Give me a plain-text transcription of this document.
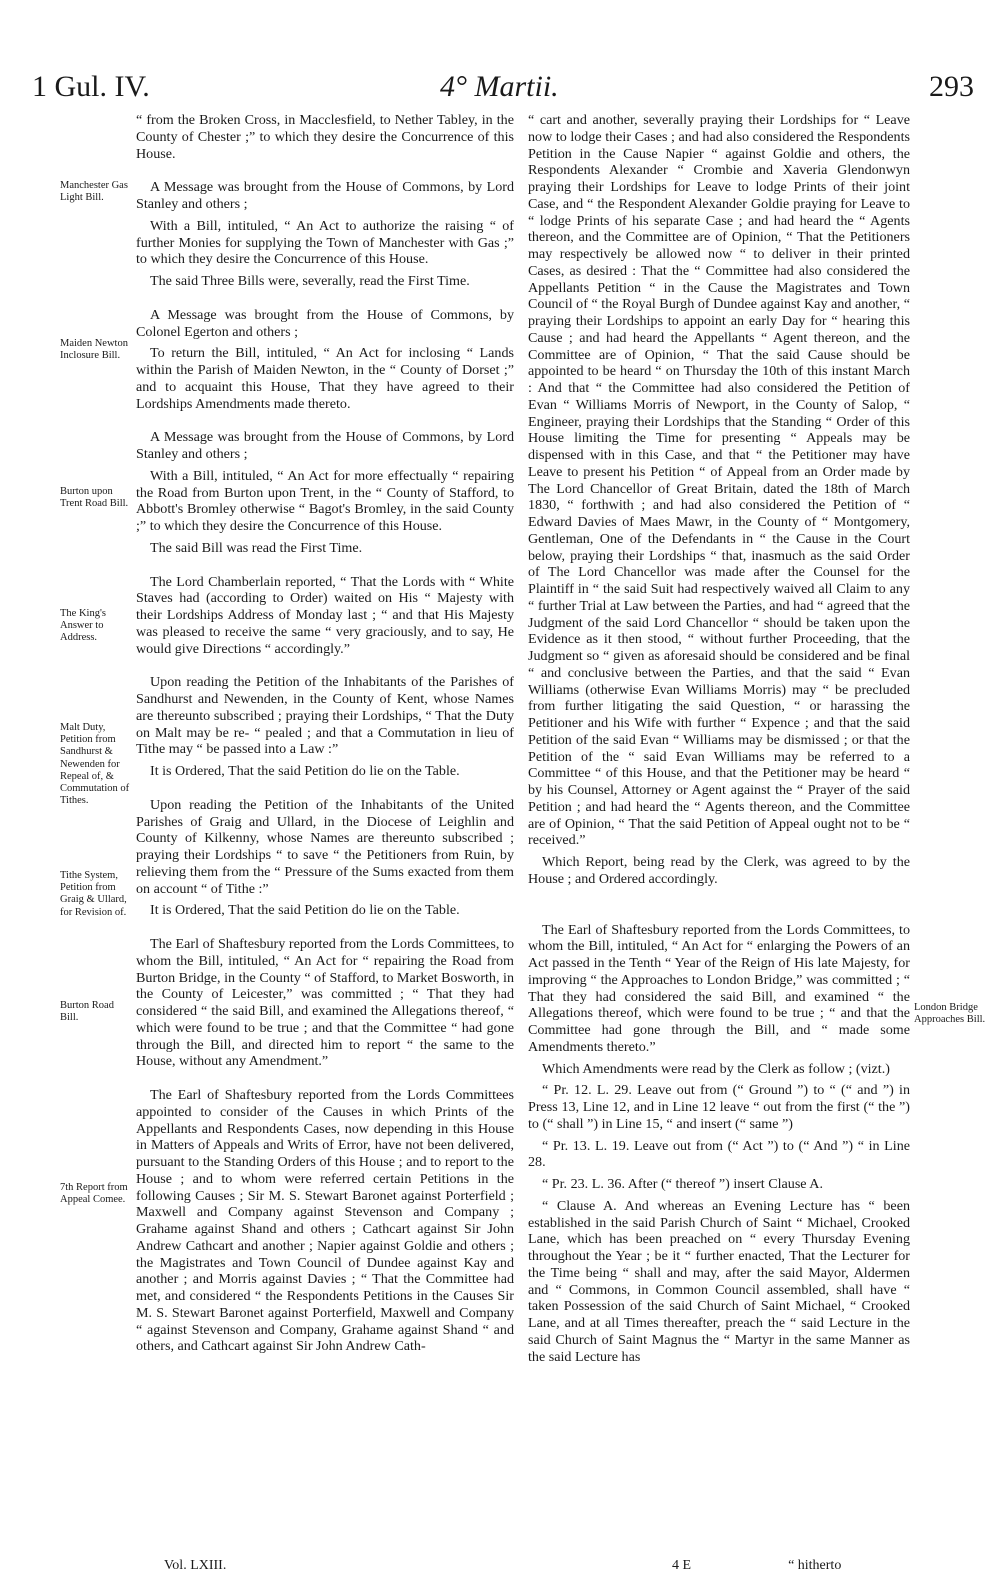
1 Gul. IV.	4° Martii.	293

“ from the Broken Cross, in Macclesfield, to Nether Tabley, in the County of Chester ;” to which they desire the Concurrence of this House.

A Message was brought from the House of Commons, by Lord Stanley and others ;

With a Bill, intituled, “ An Act to authorize the raising “ of further Monies for supplying the Town of Manchester with Gas ;” to which they desire the Concurrence of this House.

The said Three Bills were, severally, read the First Time.

A Message was brought from the House of Commons, by Colonel Egerton and others ;

To return the Bill, intituled, “ An Act for inclosing “ Lands within the Parish of Maiden Newton, in the “ County of Dorset ;” and to acquaint this House, That they have agreed to their Lordships Amendments made thereto.

A Message was brought from the House of Commons, by Lord Stanley and others ;

With a Bill, intituled, “ An Act for more effectually “ repairing the Road from Burton upon Trent, in the “ County of Stafford, to Abbott's Bromley otherwise “ Bagot's Bromley, in the said County ;” to which they desire the Concurrence of this House.

The said Bill was read the First Time.

The Lord Chamberlain reported, “ That the Lords with “ White Staves had (according to Order) waited on His “ Majesty with their Lordships Address of Monday last ; “ and that His Majesty was pleased to receive the same “ very graciously, and to say, He would give Directions “ accordingly.”

Upon reading the Petition of the Inhabitants of the Parishes of Sandhurst and Newenden, in the County of Kent, whose Names are thereunto subscribed ; praying their Lordships, “ That the Duty on Malt may be re- “ pealed ; and that a Commutation in lieu of Tithe may “ be passed into a Law :”

It is Ordered, That the said Petition do lie on the Table.

Upon reading the Petition of the Inhabitants of the United Parishes of Graig and Ullard, in the Diocese of Leighlin and County of Kilkenny, whose Names are thereunto subscribed ; praying their Lordships “ to save “ the Petitioners from Ruin, by relieving them from the “ Pressure of the Sums exacted from them on account “ of Tithe :”

It is Ordered, That the said Petition do lie on the Table.

The Earl of Shaftesbury reported from the Lords Committees, to whom the Bill, intituled, “ An Act for “ repairing the Road from Burton Bridge, in the County “ of Stafford, to Market Bosworth, in the County of Leicester,” was committed ; “ That they had considered “ the said Bill, and examined the Allegations thereof, “ which were found to be true ; and that the Committee “ had gone through the Bill, and directed him to report “ the same to the House, without any Amendment.”

The Earl of Shaftesbury reported from the Lords Committees appointed to consider of the Causes in which Prints of the Appellants and Respondents Cases, now depending in this House in Matters of Appeals and Writs of Error, have not been delivered, pursuant to the Standing Orders of this House ; and to report to the House ; and to whom were referred certain Petitions in the following Causes ; Sir M. S. Stewart Baronet against Porterfield ; Maxwell and Company against Stevenson and Company ; Grahame against Shand and others ; Cathcart against Sir John Andrew Cathcart and another ; Napier against Goldie and others ; the Magistrates and Town Council of Dundee against Kay and another ; and Morris against Davies ; “ That the Committee had met, and considered “ the Respondents Petitions in the Causes Sir M. S. Stewart Baronet against Porterfield, Maxwell and Company “ against Stevenson and Company, Grahame against Shand “ and others, and Cathcart against Sir John Andrew Cath-

Manchester Gas Light Bill.
Maiden Newton Inclosure Bill.
Burton upon Trent Road Bill.
The King's Answer to Address.
Malt Duty, Petition from Sandhurst & Newenden for Repeal of, & Commutation of Tithes.
Tithe System, Petition from Graig & Ullard, for Revision of.
Burton Road Bill.
7th Report from Appeal Comee.

“ cart and another, severally praying their Lordships for “ Leave now to lodge their Cases ; and had also considered the Respondents Petition in the Cause Napier “ against Goldie and others, the Respondents Alexander “ Crombie and Xaveria Glendonwyn praying their Lordships for Leave to lodge Prints of their joint Case, and “ the Respondent Alexander Goldie praying for Leave to “ lodge Prints of his separate Case ; and had heard the “ Agents thereon, and the Committee are of Opinion, “ That the Petitioners may respectively be allowed now “ to deliver in their printed Cases, as desired : That the “ Committee had also considered the Appellants Petition “ in the Cause the Magistrates and Town Council of “ the Royal Burgh of Dundee against Kay and another, “ praying their Lordships to appoint an early Day for “ hearing this Cause ; and had heard the Appellants “ Agent thereon, and the Committee are of Opinion, “ That the said Cause should be appointed to be heard “ on Thursday the 10th of this instant March : And that “ the Committee had also considered the Petition of Evan “ Williams Morris of Newport, in the County of Salop, “ Engineer, praying their Lordships that the Standing “ Order of this House limiting the Time for presenting “ Appeals may be dispensed with in this Case, and that “ the Petitioner may have Leave to present his Petition “ of Appeal from an Order made by The Lord Chancellor of Great Britain, dated the 18th of March 1830, “ forthwith ; and had also considered the Petition of “ Edward Davies of Maes Mawr, in the County of “ Montgomery, Gentleman, One of the Defendants in “ the Cause in the Court below, praying their Lordships “ that, inasmuch as the said Order of The Lord Chancellor was made after the Counsel for the Plaintiff in “ the said Suit had respectively waived all Claim to any “ further Trial at Law between the Parties, and had “ agreed that the Judgment of the said Lord Chancellor “ should be taken upon the Evidence as it then stood, “ without further Proceeding, that the Judgment so “ given as aforesaid should be considered and be final “ and conclusive between the Parties, and that the said “ Evan Williams (otherwise Evan Williams Morris) may “ be precluded from further litigating the said Question, “ or harassing the Petitioner and his Wife with further “ Expence ; and that the said Petition of the said Evan “ Williams may be dismissed ; or that the Petition of the “ said Evan Williams may be referred to a Committee “ of this House, and that the Petitioner may be heard “ by his Counsel, Attorney or Agent against the “ Prayer of the said Petition ; and had heard the “ Agents thereon, and the Committee are of Opinion, “ That the said Petition of Appeal ought not to be “ received.”

Which Report, being read by the Clerk, was agreed to by the House ; and Ordered accordingly.

The Earl of Shaftesbury reported from the Lords Committees, to whom the Bill, intituled, “ An Act for “ enlarging the Powers of an Act passed in the Tenth “ Year of the Reign of His late Majesty, for improving “ the Approaches to London Bridge,” was committed ; “ That they had considered the said Bill, and examined “ the Allegations thereof, which were found to be true ; “ and that the Committee had gone through the Bill, and “ made some Amendments thereto.”

Which Amendments were read by the Clerk as follow ; (vizt.)

“ Pr. 12. L. 29. Leave out from (“ Ground ”) to “ (“ and ”) in Press 13, Line 12, and in Line 12 leave “ out from the first (“ the ”) to (“ shall ”) in Line 15, “ and insert (“ same ”)

“ Pr. 13. L. 19. Leave out from (“ Act ”) to (“ And ”) “ in Line 28.

“ Pr. 23. L. 36. After (“ thereof ”) insert Clause A.

“ Clause A. And whereas an Evening Lecture has “ been established in the said Parish Church of Saint “ Michael, Crooked Lane, which has been preached on “ every Thursday Evening throughout the Year ; be it “ further enacted, That the Lecturer for the Time being “ shall and may, after the said Mayor, Aldermen and “ Commons, in Common Council assembled, shall have “ taken Possession of the said Church of Saint Michael, “ Crooked Lane, and at all Times thereafter, preach the “ said Lecture in the said Church of Saint Magnus the “ Martyr in the same Manner as the said Lecture has

London Bridge Approaches Bill.
Vol. LXIII.	4 E	“ hitherto
